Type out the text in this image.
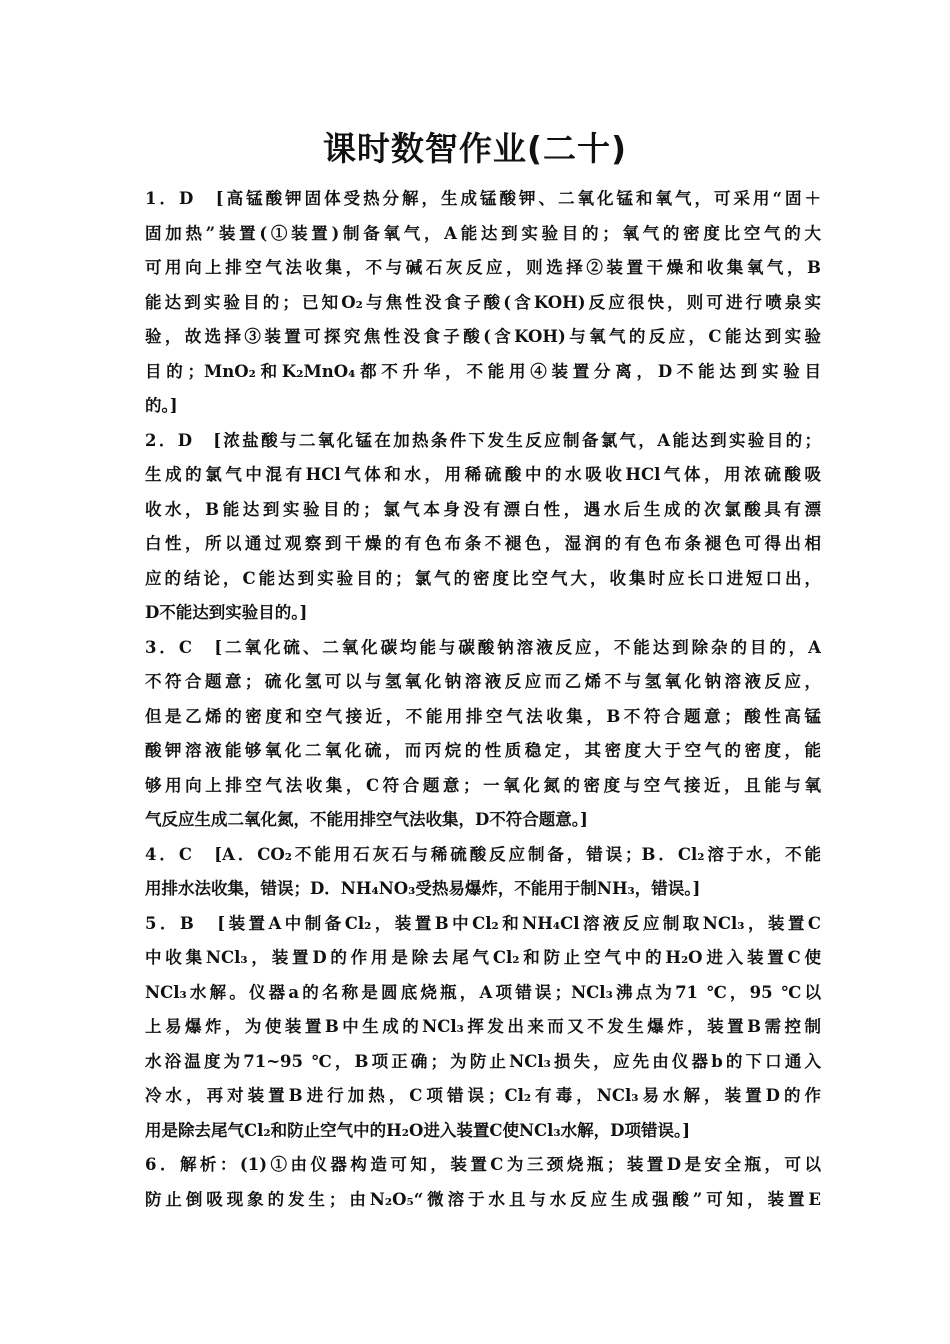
课时数智作业(二十)
1．D　[高锰酸钾固体受热分解，生成锰酸钾、二氧化锰和氧气，可采用“固＋
固加热”装置(①装置)制备氧气，A能达到实验目的；氧气的密度比空气的大
可用向上排空气法收集，不与碱石灰反应，则选择②装置干燥和收集氧气，B
能达到实验目的；已知O₂与焦性没食子酸(含KOH)反应很快，则可进行喷泉实
验，故选择③装置可探究焦性没食子酸(含KOH)与氧气的反应，C能达到实验
目的；MnO₂和K₂MnO₄都不升华，不能用④装置分离，D不能达到实验目
的。]
2．D　[浓盐酸与二氧化锰在加热条件下发生反应制备氯气，A能达到实验目的；
生成的氯气中混有HCl气体和水，用稀硫酸中的水吸收HCl气体，用浓硫酸吸
收水，B能达到实验目的；氯气本身没有漂白性，遇水后生成的次氯酸具有漂
白性，所以通过观察到干燥的有色布条不褪色，湿润的有色布条褪色可得出相
应的结论，C能达到实验目的；氯气的密度比空气大，收集时应长口进短口出，
D不能达到实验目的。]
3．C　[二氧化硫、二氧化碳均能与碳酸钠溶液反应，不能达到除杂的目的，A
不符合题意；硫化氢可以与氢氧化钠溶液反应而乙烯不与氢氧化钠溶液反应，
但是乙烯的密度和空气接近，不能用排空气法收集，B不符合题意；酸性高锰
酸钾溶液能够氧化二氧化硫，而丙烷的性质稳定，其密度大于空气的密度，能
够用向上排空气法收集，C符合题意；一氧化氮的密度与空气接近，且能与氧
气反应生成二氧化氮，不能用排空气法收集，D不符合题意。]
4．C　[A．CO₂不能用石灰石与稀硫酸反应制备，错误；B．Cl₂溶于水，不能
用排水法收集，错误；D．NH₄NO₃受热易爆炸，不能用于制NH₃，错误。]
5．B　[装置A中制备Cl₂，装置B中Cl₂和NH₄Cl溶液反应制取NCl₃，装置C
中收集NCl₃，装置D的作用是除去尾气Cl₂和防止空气中的H₂O进入装置C使
NCl₃水解。仪器a的名称是圆底烧瓶，A项错误；NCl₃沸点为71 ℃，95 ℃以
上易爆炸，为使装置B中生成的NCl₃挥发出来而又不发生爆炸，装置B需控制
水浴温度为71~95 ℃，B项正确；为防止NCl₃损失，应先由仪器b的下口通入
冷水，再对装置B进行加热，C项错误；Cl₂有毒，NCl₃易水解，装置D的作
用是除去尾气Cl₂和防止空气中的H₂O进入装置C使NCl₃水解，D项错误。]
6．解析：(1)①由仪器构造可知，装置C为三颈烧瓶；装置D是安全瓶，可以
防止倒吸现象的发生；由N₂O₅“微溶于水且与水反应生成强酸”可知，装置E
